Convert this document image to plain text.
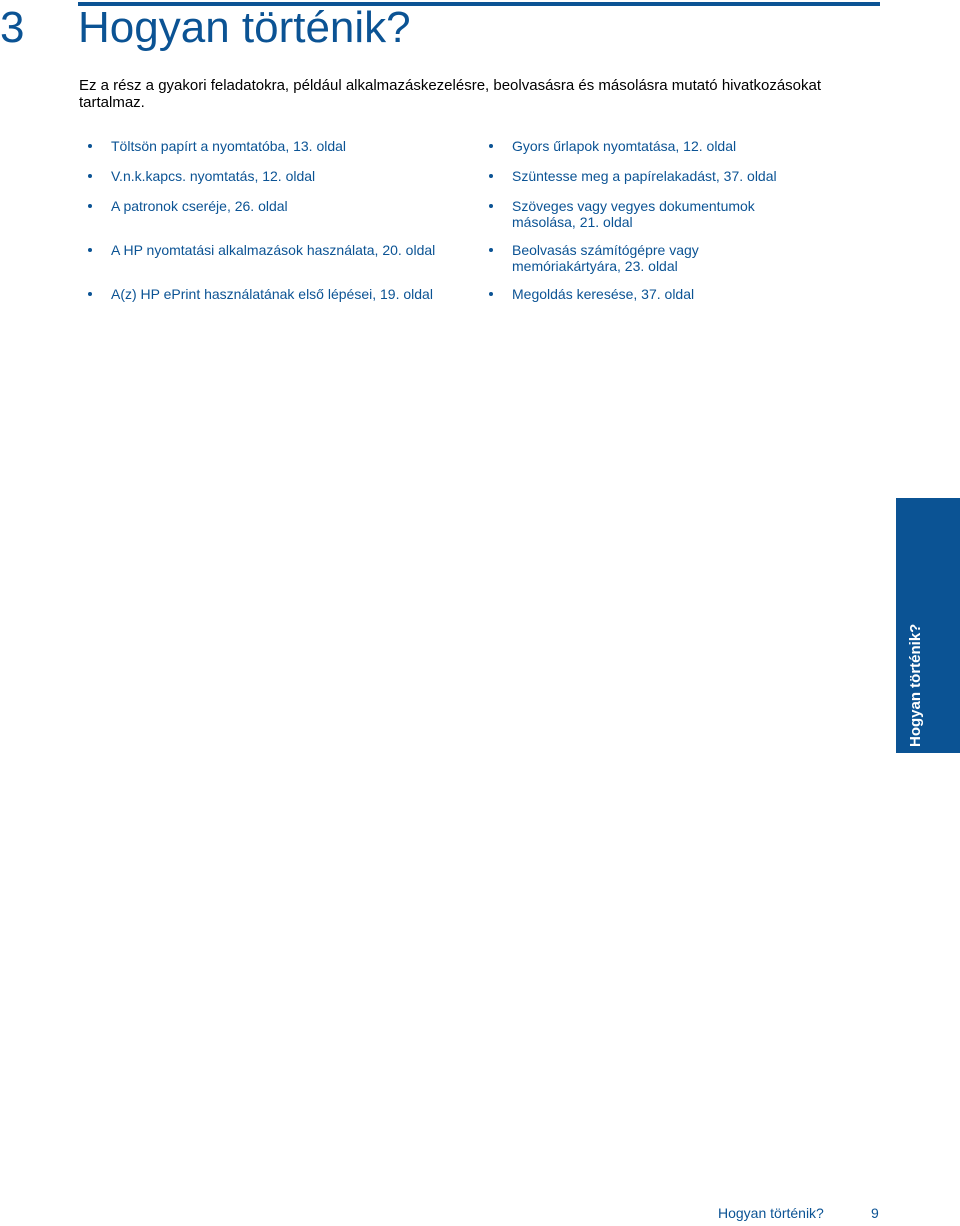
3 Hogyan történik?
Ez a rész a gyakori feladatokra, például alkalmazáskezelésre, beolvasásra és másolásra mutató hivatkozásokat tartalmaz.
Töltsön papírt a nyomtatóba, 13. oldal
V.n.k.kapcs. nyomtatás, 12. oldal
A patronok cseréje, 26. oldal
A HP nyomtatási alkalmazások használata, 20. oldal
A(z) HP ePrint használatának első lépései, 19. oldal
Gyors űrlapok nyomtatása, 12. oldal
Szüntesse meg a papírelakadást, 37. oldal
Szöveges vagy vegyes dokumentumok
másolása, 21. oldal
Beolvasás számítógépre vagy
memóriakártyára, 23. oldal
Megoldás keresése, 37. oldal
Hogyan történik?
Hogyan történik?	9
